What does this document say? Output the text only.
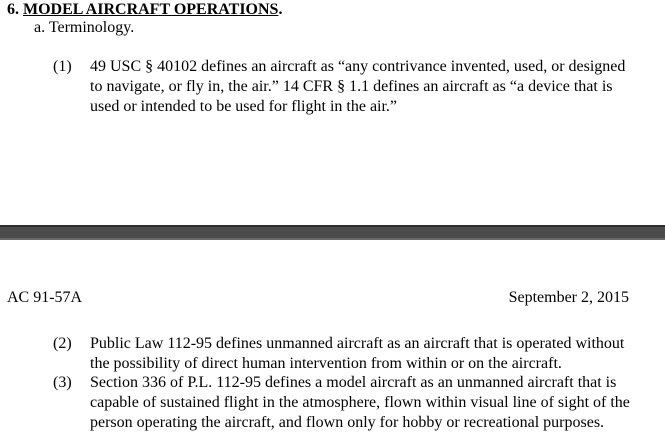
6. MODEL AIRCRAFT OPERATIONS.
a. Terminology.
(1) 49 USC § 40102 defines an aircraft as “any contrivance invented, used, or designed to navigate, or fly in, the air.” 14 CFR § 1.1 defines an aircraft as “a device that is used or intended to be used for flight in the air.”
AC 91-57A	September 2, 2015
(2) Public Law 112-95 defines unmanned aircraft as an aircraft that is operated without the possibility of direct human intervention from within or on the aircraft.
(3) Section 336 of P.L. 112-95 defines a model aircraft as an unmanned aircraft that is capable of sustained flight in the atmosphere, flown within visual line of sight of the person operating the aircraft, and flown only for hobby or recreational purposes.
